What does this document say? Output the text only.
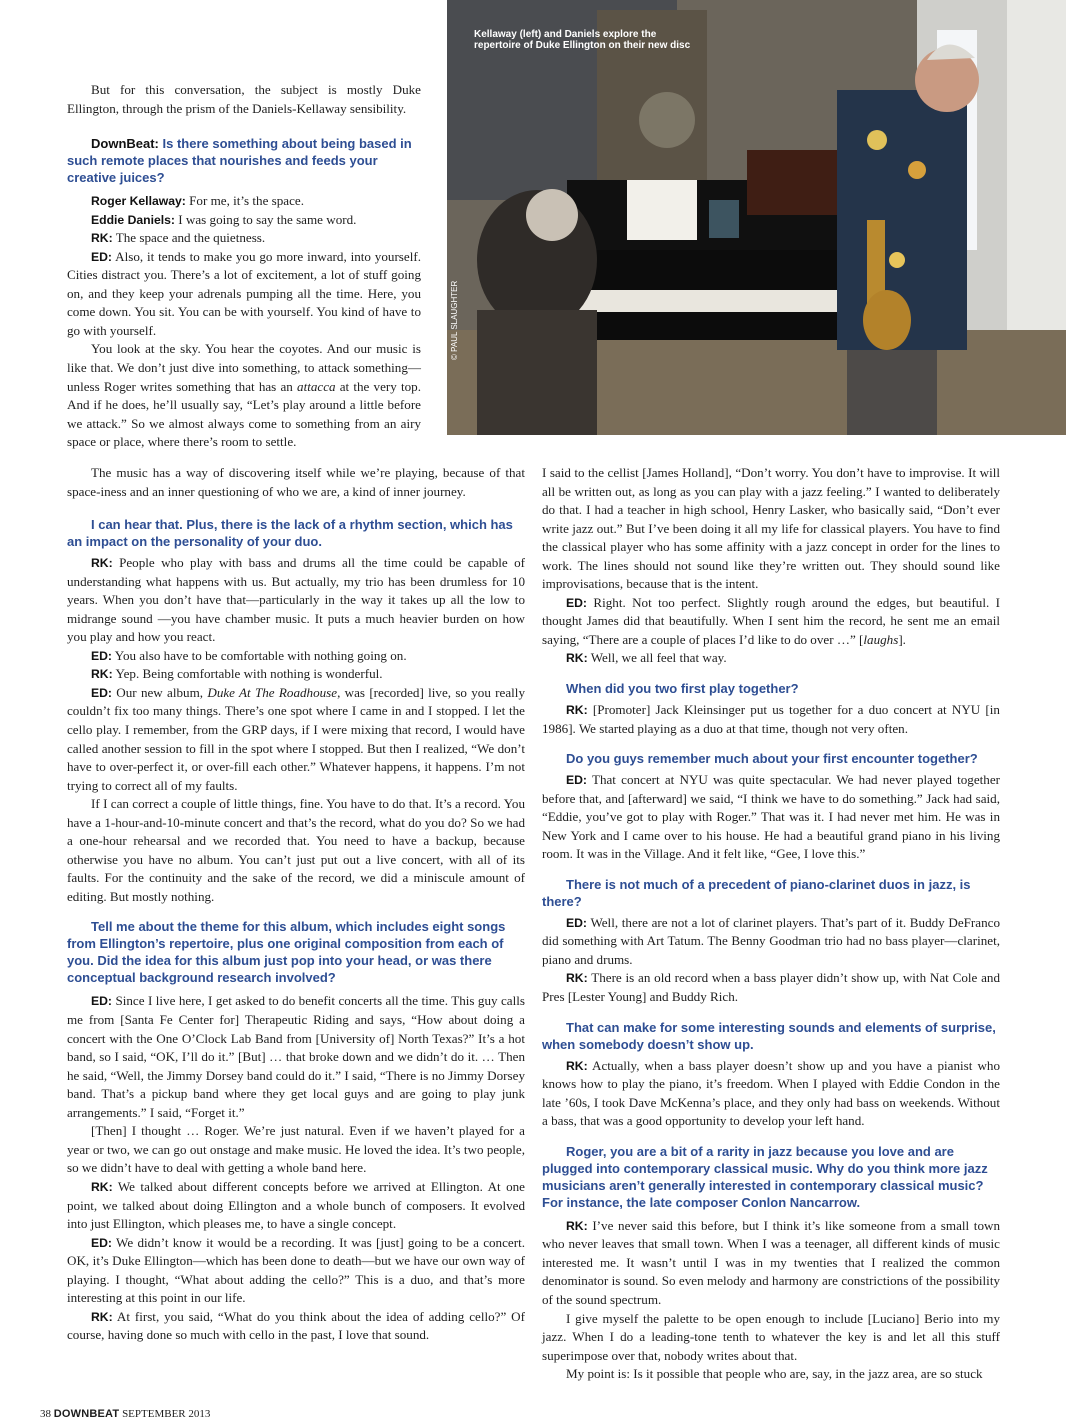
Kellaway (left) and Daniels explore the repertoire of Duke Ellington on their new disc
© PAUL SLAUGHTER

But for this conversation, the subject is mostly Duke Ellington, through the prism of the Daniels-Kellaway sensibility.

DownBeat: Is there something about being based in such remote places that nourishes and feeds your creative juices?

Roger Kellaway: For me, it’s the space.

Eddie Daniels: I was going to say the same word.

RK: The space and the quietness.

ED: Also, it tends to make you go more inward, into yourself. Cities distract you. There’s a lot of excitement, a lot of stuff going on, and they keep your adrenals pumping all the time. Here, you come down. You sit. You can be with yourself. You kind of have to go with yourself.

You look at the sky. You hear the coyotes. And our music is like that. We don’t just dive into something, to attack something—unless Roger writes something that has an attacca at the very top. And if he does, he’ll usually say, “Let’s play around a little before we attack.” So we almost always come to something from an airy space or place, where there’s room to settle.

The music has a way of discovering itself while we’re playing, because of that space-iness and an inner questioning of who we are, a kind of inner journey.

I can hear that. Plus, there is the lack of a rhythm section, which has an impact on the personality of your duo.

RK: People who play with bass and drums all the time could be capable of understanding what happens with us. But actually, my trio has been drumless for 10 years. When you don’t have that—particularly in the way it takes up all the low to midrange sound —you have chamber music. It puts a much heavier burden on how you play and how you react.

ED: You also have to be comfortable with nothing going on.

RK: Yep. Being comfortable with nothing is wonderful.

ED: Our new album, Duke At The Roadhouse, was [recorded] live, so you really couldn’t fix too many things. There’s one spot where I came in and I stopped. I let the cello play. I remember, from the GRP days, if I were mixing that record, I would have called another session to fill in the spot where I stopped. But then I realized, “We don’t have to over-perfect it, or over-fill each other.” Whatever happens, it happens. I’m not trying to correct all of my faults.

If I can correct a couple of little things, fine. You have to do that. It’s a record. You have a 1-hour-and-10-minute concert and that’s the record, what do you do? So we had a one-hour rehearsal and we recorded that. You need to have a backup, because otherwise you have no album. You can’t just put out a live concert, with all of its faults. For the continuity and the sake of the record, we did a miniscule amount of editing. But mostly nothing.

Tell me about the theme for this album, which includes eight songs from Ellington’s repertoire, plus one original composition from each of you. Did the idea for this album just pop into your head, or was there conceptual background research involved?

ED: Since I live here, I get asked to do benefit concerts all the time. This guy calls me from [Santa Fe Center for] Therapeutic Riding and says, “How about doing a concert with the One O’Clock Lab Band from [University of] North Texas?” It’s a hot band, so I said, “OK, I’ll do it.” [But] … that broke down and we didn’t do it. … Then he said, “Well, the Jimmy Dorsey band could do it.” I said, “There is no Jimmy Dorsey band. That’s a pickup band where they get local guys and are going to play junk arrangements.” I said, “Forget it.”

[Then] I thought … Roger. We’re just natural. Even if we haven’t played for a year or two, we can go out onstage and make music. He loved the idea. It’s two people, so we didn’t have to deal with getting a whole band here.

RK: We talked about different concepts before we arrived at Ellington. At one point, we talked about doing Ellington and a whole bunch of composers. It evolved into just Ellington, which pleases me, to have a single concept.

ED: We didn’t know it would be a recording. It was [just] going to be a concert. OK, it’s Duke Ellington—which has been done to death—but we have our own way of playing. I thought, “What about adding the cello?” This is a duo, and that’s more interesting at this point in our life.

RK: At first, you said, “What do you think about the idea of adding cello?” Of course, having done so much with cello in the past, I love that sound.

I said to the cellist [James Holland], “Don’t worry. You don’t have to improvise. It will all be written out, as long as you can play with a jazz feeling.” I wanted to deliberately do that. I had a teacher in high school, Henry Lasker, who basically said, “Don’t ever write jazz out.” But I’ve been doing it all my life for classical players. You have to find the classical player who has some affinity with a jazz concept in order for the lines to work. The lines should not sound like they’re written out. They should sound like improvisations, because that is the intent.

ED: Right. Not too perfect. Slightly rough around the edges, but beautiful. I thought James did that beautifully. When I sent him the record, he sent me an email saying, “There are a couple of places I’d like to do over …” [laughs].

RK: Well, we all feel that way.

When did you two first play together?

RK: [Promoter] Jack Kleinsinger put us together for a duo concert at NYU [in 1986]. We started playing as a duo at that time, though not very often.

Do you guys remember much about your first encounter together?

ED: That concert at NYU was quite spectacular. We had never played together before that, and [afterward] we said, “I think we have to do something.” Jack had said, “Eddie, you’ve got to play with Roger.” That was it. I had never met him. He was in New York and I came over to his house. He had a beautiful grand piano in his living room. It was in the Village. And it felt like, “Gee, I love this.”

There is not much of a precedent of piano-clarinet duos in jazz, is there?

ED: Well, there are not a lot of clarinet players. That’s part of it. Buddy DeFranco did something with Art Tatum. The Benny Goodman trio had no bass player—clarinet, piano and drums.

RK: There is an old record when a bass player didn’t show up, with Nat Cole and Pres [Lester Young] and Buddy Rich.

That can make for some interesting sounds and elements of surprise, when somebody doesn’t show up.

RK: Actually, when a bass player doesn’t show up and you have a pianist who knows how to play the piano, it’s freedom. When I played with Eddie Condon in the late ’60s, I took Dave McKenna’s place, and they only had bass on weekends. Without a bass, that was a good opportunity to develop your left hand.

Roger, you are a bit of a rarity in jazz because you love and are plugged into contemporary classical music. Why do you think more jazz musicians aren’t generally interested in contemporary classical music? For instance, the late composer Conlon Nancarrow.

RK: I’ve never said this before, but I think it’s like someone from a small town who never leaves that small town. When I was a teenager, all different kinds of music interested me. It wasn’t until I was in my twenties that I realized the common denominator is sound. So even melody and harmony are constrictions of the possibility of the sound spectrum.

I give myself the palette to be open enough to include [Luciano] Berio into my jazz. When I do a leading-tone tenth to whatever the key is and let all this stuff superimpose over that, nobody writes about that.

My point is: Is it possible that people who are, say, in the jazz area, are so stuck

38 DOWNBEAT SEPTEMBER 2013
